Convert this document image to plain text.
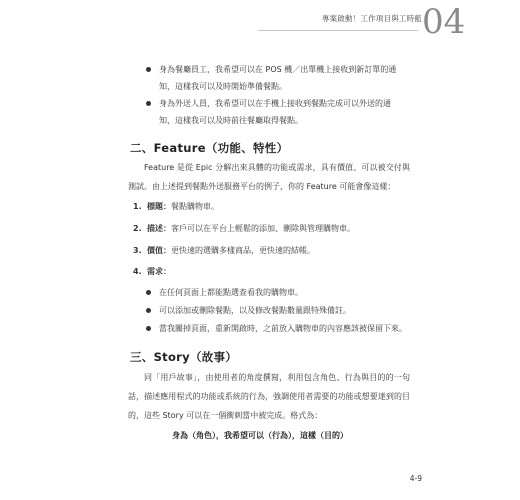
專案啟動！工作項目與工時藍 04
身為餐廳員工，我希望可以在 POS 機／出單機上接收到新訂單的通
知，這樣我可以及時開始準備餐點。
身為外送人員，我希望可以在手機上接收到餐點完成可以外送的通
知，這樣我可以及時前往餐廳取得餐點。
二、Feature（功能、特性）
Feature 是從 Epic 分解出來具體的功能或需求，具有價值、可以被交付與測試。由上述提到餐點外送服務平台的例子，你的 Feature 可能會像這樣：
1. 標題：餐點購物車。
2. 描述：客戶可以在平台上輕鬆的添加、刪除與管理購物車。
3. 價值：更快速的選購多樣商品，更快速的結帳。
4. 需求：
在任何頁面上都能點選查看我的購物車。
可以添加或刪除餐點，以及修改餐點數量跟特殊備註。
當我關掉頁面，重新開啟時，之前放入購物車的內容應該被保留下來。
三、Story（故事）
同「用戶故事」，由使用者的角度撰寫，利用包含角色、行為與目的的一句話，描述應用程式的功能或系統的行為，強調使用者需要的功能或想要達到的目的，這些 Story 可以在一個衝刺當中被完成。格式為：
身為（角色），我希望可以（行為），這樣（目的）
4-9
